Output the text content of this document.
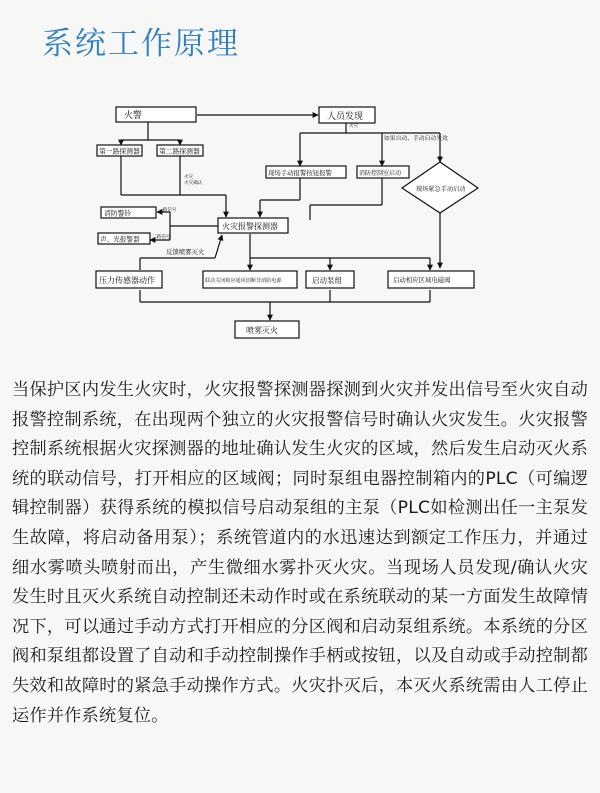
系统工作原理
火警	人员发现
第一路探测器	第二路探测器
现场手动报警按钮报警	消防控制室启动
现场紧急手动启动
消防警铃
声、光报警器
火灾报警探测器
压力传感器动作	联动关闭相应通风切断非消防电源	启动泵组	启动相应区域电磁阀
喷雾灭火
火灾
火灾
火灾确认
如果自动、手动启动失效
一路信号
二路信号
反馈喷雾灭火

当保护区内发生火灾时，火灾报警探测器探测到火灾并发出信号至火灾自动报警控制系统，在出现两个独立的火灾报警信号时确认火灾发生。火灾报警控制系统根据火灾探测器的地址确认发生火灾的区域，然后发生启动灭火系统的联动信号，打开相应的区域阀；同时泵组电器控制箱内的PLC（可编逻辑控制器）获得系统的模拟信号启动泵组的主泵（PLC如检测出任一主泵发生故障，将启动备用泵）；系统管道内的水迅速达到额定工作压力，并通过细水雾喷头喷射而出，产生微细水雾扑灭火灾。当现场人员发现/确认火灾发生时且灭火系统自动控制还未动作时或在系统联动的某一方面发生故障情况下，可以通过手动方式打开相应的分区阀和启动泵组系统。本系统的分区阀和泵组都设置了自动和手动控制操作手柄或按钮，以及自动或手动控制都失效和故障时的紧急手动操作方式。火灾扑灭后，本灭火系统需由人工停止运作并作系统复位。
